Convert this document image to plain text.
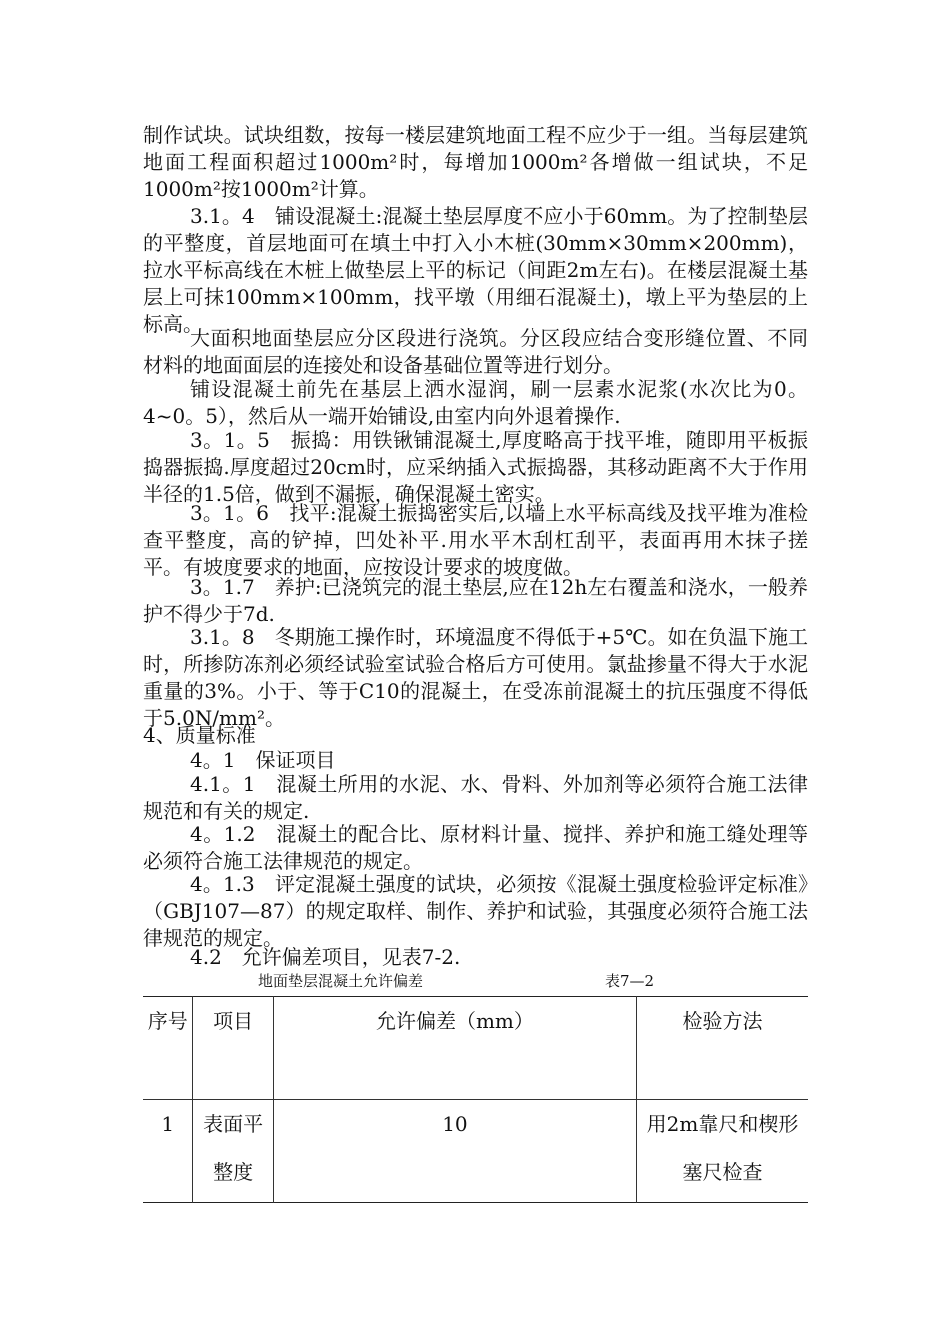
制作试块。试块组数，按每一楼层建筑地面工程不应少于一组。当每层建筑地面工程面积超过1000m²时，每增加1000m²各增做一组试块，不足1000m²按1000m²计算。
3.1。4　铺设混凝土:混凝土垫层厚度不应小于60mm。为了控制垫层的平整度，首层地面可在填土中打入小木桩(30mm×30mm×200mm)，拉水平标高线在木桩上做垫层上平的标记（间距2m左右)。在楼层混凝土基层上可抹100mm×100mm，找平墩（用细石混凝土)，墩上平为垫层的上标高。
大面积地面垫层应分区段进行浇筑。分区段应结合变形缝位置、不同材料的地面面层的连接处和设备基础位置等进行划分。
铺设混凝土前先在基层上洒水湿润，刷一层素水泥浆(水次比为0。4~0。5），然后从一端开始铺设,由室内向外退着操作.
3。1。5　振捣：用铁锹铺混凝土,厚度略高于找平堆，随即用平板振捣器振捣.厚度超过20cm时，应采纳插入式振捣器，其移动距离不大于作用半径的1.5倍，做到不漏振，确保混凝土密实。
3。1。6　找平:混凝土振捣密实后,以墙上水平标高线及找平堆为准检查平整度，高的铲掉，凹处补平.用水平木刮杠刮平，表面再用木抹子搓平。有坡度要求的地面，应按设计要求的坡度做。
3。1.7　养护:已浇筑完的混土垫层,应在12h左右覆盖和浇水，一般养护不得少于7d.
3.1。8　冬期施工操作时，环境温度不得低于+5℃。如在负温下施工时，所掺防冻剂必须经试验室试验合格后方可使用。氯盐掺量不得大于水泥重量的3%。小于、等于C10的混凝土，在受冻前混凝土的抗压强度不得低于5.0N/mm²。
4、质量标准
4。1　保证项目
4.1。1　混凝土所用的水泥、水、骨料、外加剂等必须符合施工法律规范和有关的规定.
4。1.2　混凝土的配合比、原材料计量、搅拌、养护和施工缝处理等必须符合施工法律规范的规定。
4。1.3　评定混凝土强度的试块，必须按《混凝土强度检验评定标准》（GBJ107—87）的规定取样、制作、养护和试验，其强度必须符合施工法律规范的规定。
4.2　允许偏差项目，见表7-2.
地面垫层混凝土允许偏差	表7—2
序号	项目	允许偏差（mm）	检验方法
1	表面平整度	10	用2m靠尺和楔形塞尺检查
